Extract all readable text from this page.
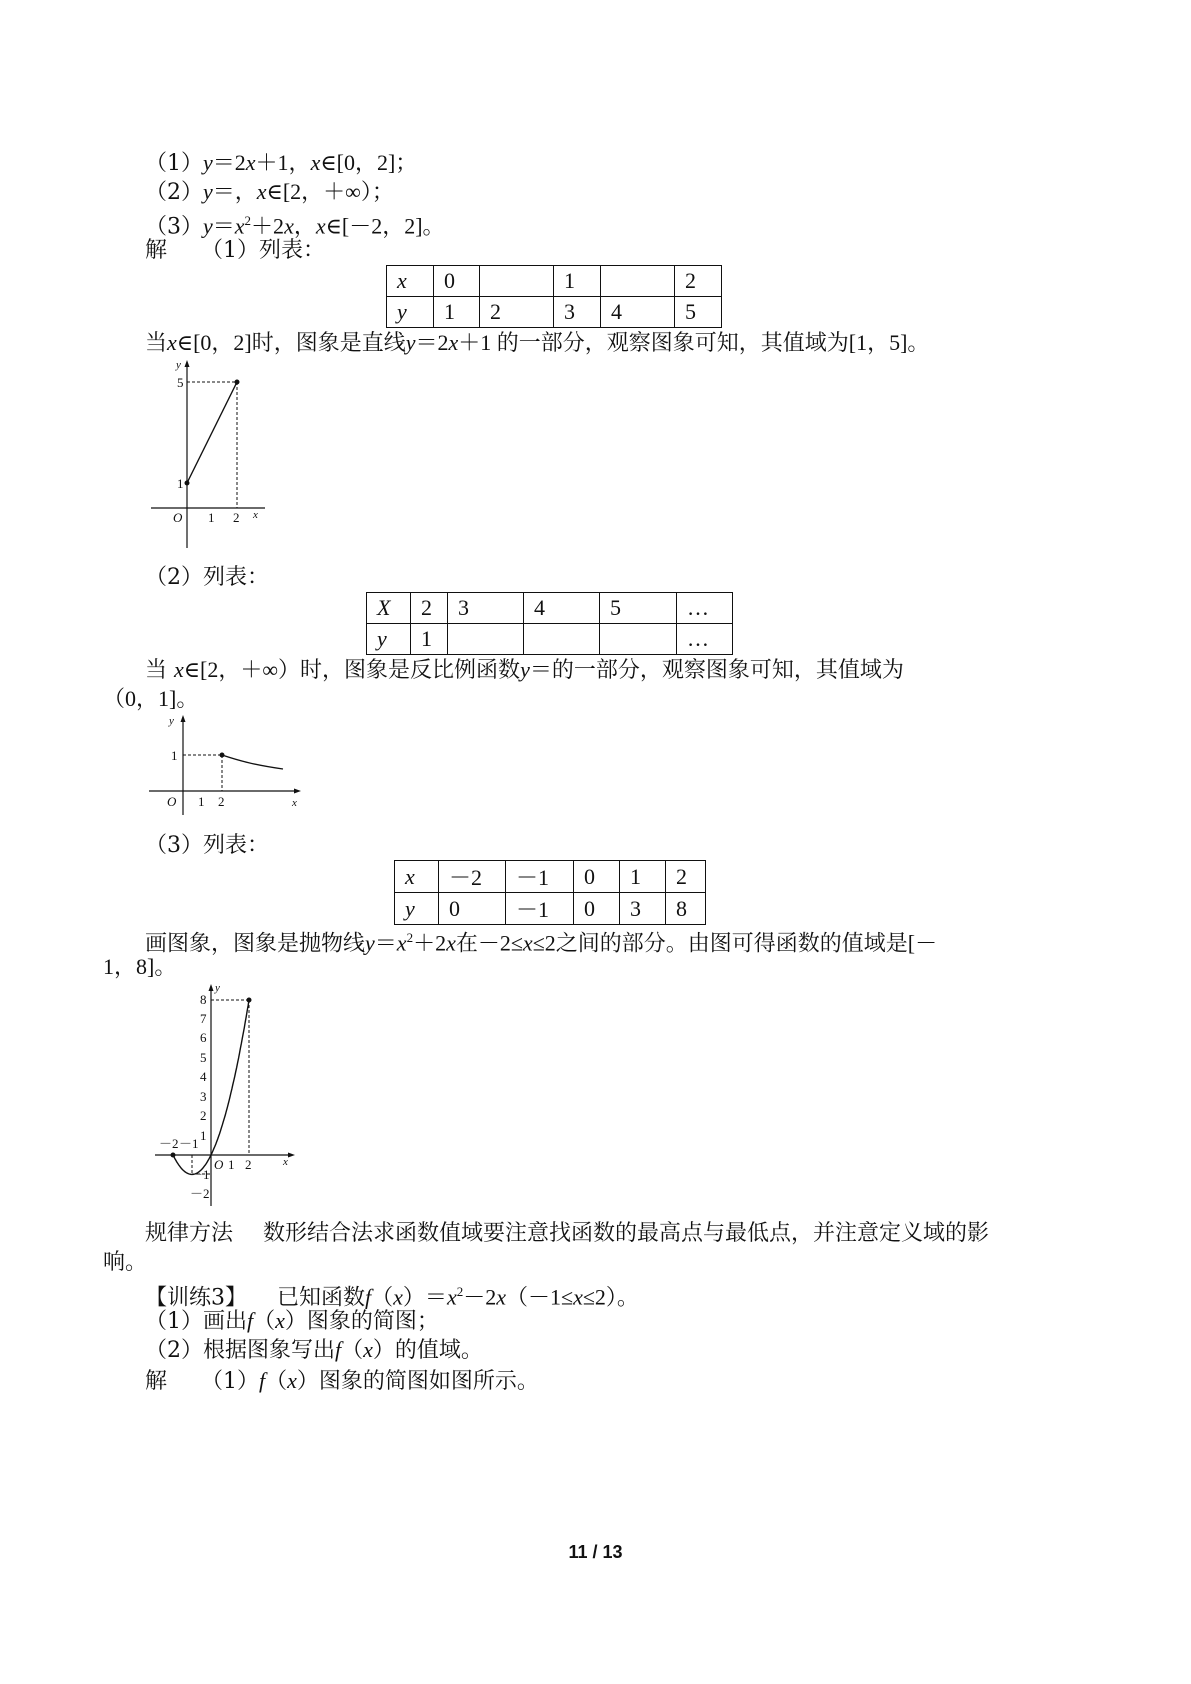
（1）y＝2x＋1，x∈[0，2]；
（2）y＝，x∈[2，＋∞）；
$(3)y=x^2+2x$，x∈[－2，2]。
解 （1）列表：
x	0		1		2
y	1	2	3	4	5
当x∈[0，2]时，图象是直线y＝2x＋1 的一部分，观察图象可知，其值域为[1，5]。
y
5
1
O 1 2 x
（2）列表：
X	2	3	4	5	…
y	1				…
当 x∈[2，＋∞）时，图象是反比例函数y＝的一部分，观察图象可知，其值域为
（0，1]。
y
1
O 1 2	x
（3）列表：
x	－2	－1	0	1	2
y	0	－1	0	3	8
画图象，图象是抛物线$y=x^2+2x$在－2≤x≤2之间的部分。由图可得函数的值域是[－
1，8]。
y
8
7
6
5
4
3
2
1
－1
－2
－2 －1
O 1 2	x
规律方法 数形结合法求函数值域要注意找函数的最高点与最低点，并注意定义域的影
响。
【训练3】 已知函数$f(x)=x^2-2x(-1\le x\le 2)$。
（1）画出f（x）图象的简图；
（2）根据图象写出f（x）的值域。
解 （1）f（x）图象的简图如图所示。
11 / 13
